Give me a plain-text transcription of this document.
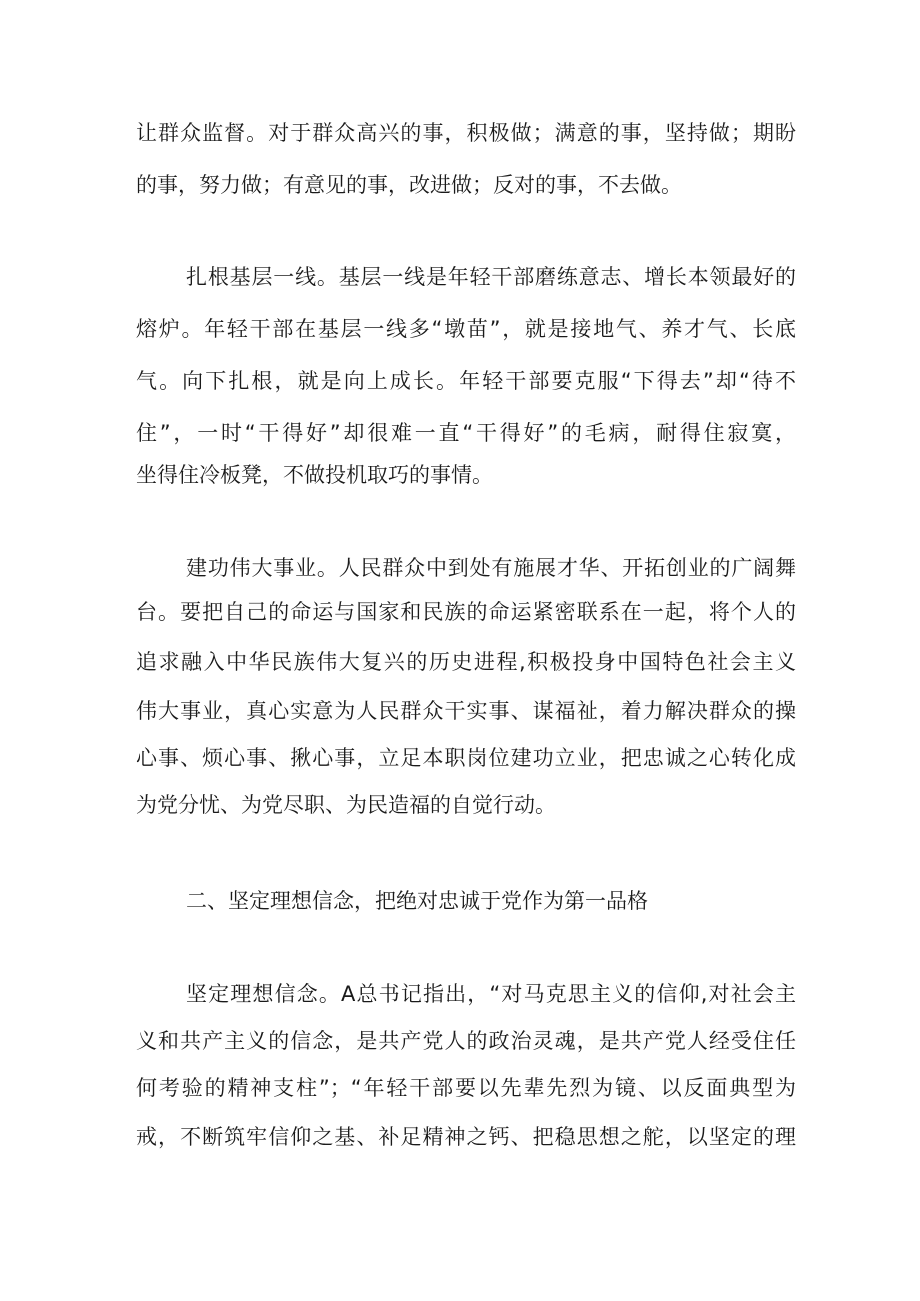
让群众监督。对于群众高兴的事，积极做；满意的事，坚持做；期盼

的事，努力做；有意见的事，改进做；反对的事，不去做。

扎根基层一线。基层一线是年轻干部磨练意志、增长本领最好的

熔炉。年轻干部在基层一线多“墩苗”，就是接地气、养才气、长底

气。向下扎根，就是向上成长。年轻干部要克服“下得去”却“待不

住”，一时“干得好”却很难一直“干得好”的毛病，耐得住寂寞，

坐得住冷板凳，不做投机取巧的事情。

建功伟大事业。人民群众中到处有施展才华、开拓创业的广阔舞

台。要把自己的命运与国家和民族的命运紧密联系在一起，将个人的

追求融入中华民族伟大复兴的历史进程,积极投身中国特色社会主义

伟大事业，真心实意为人民群众干实事、谋福祉，着力解决群众的操

心事、烦心事、揪心事，立足本职岗位建功立业，把忠诚之心转化成

为党分忧、为党尽职、为民造福的自觉行动。

二、坚定理想信念，把绝对忠诚于党作为第一品格

坚定理想信念。A总书记指出，“对马克思主义的信仰,对社会主

义和共产主义的信念，是共产党人的政治灵魂，是共产党人经受住任

何考验的精神支柱”；“年轻干部要以先辈先烈为镜、以反面典型为

戒，不断筑牢信仰之基、补足精神之钙、把稳思想之舵，以坚定的理
